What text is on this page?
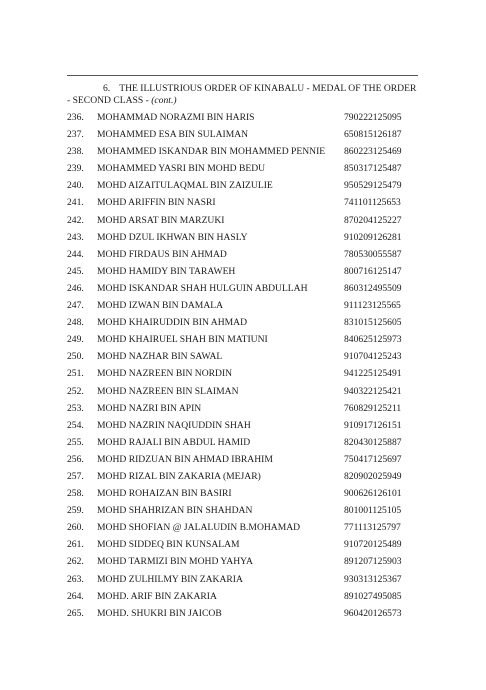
6. THE ILLUSTRIOUS ORDER OF KINABALU - MEDAL OF THE ORDER - SECOND CLASS - (cont.)
236. MOHAMMAD NORAZMI BIN HARIS	790222125095
237. MOHAMMED ESA BIN SULAIMAN	650815126187
238. MOHAMMED ISKANDAR BIN MOHAMMED PENNIE 860223125469
239. MOHAMMED YASRI BIN MOHD BEDU	850317125487
240. MOHD AIZAITULAQMAL BIN ZAIZULIE	950529125479
241. MOHD ARIFFIN BIN NASRI	741101125653
242. MOHD ARSAT BIN MARZUKI	870204125227
243. MOHD DZUL IKHWAN BIN HASLY	910209126281
244. MOHD FIRDAUS BIN AHMAD	780530055587
245. MOHD HAMIDY BIN TARAWEH	800716125147
246. MOHD ISKANDAR SHAH HULGUIN ABDULLAH	860312495509
247. MOHD IZWAN BIN DAMALA	911123125565
248. MOHD KHAIRUDDIN BIN AHMAD	831015125605
249. MOHD KHAIRUEL SHAH BIN MATIUNI	840625125973
250. MOHD NAZHAR BIN SAWAL	910704125243
251. MOHD NAZREEN BIN NORDIN	941225125491
252. MOHD NAZREEN BIN SLAIMAN	940322125421
253. MOHD NAZRI BIN APIN	760829125211
254. MOHD NAZRIN NAQIUDDIN SHAH	910917126151
255. MOHD RAJALI BIN ABDUL HAMID	820430125887
256. MOHD RIDZUAN BIN AHMAD IBRAHIM	750417125697
257. MOHD RIZAL BIN ZAKARIA (MEJAR)	820902025949
258. MOHD ROHAIZAN BIN BASIRI	900626126101
259. MOHD SHAHRIZAN BIN SHAHDAN	801001125105
260. MOHD SHOFIAN @ JALALUDIN B.MOHAMAD	771113125797
261. MOHD SIDDEQ BIN KUNSALAM	910720125489
262. MOHD TARMIZI BIN MOHD YAHYA	891207125903
263. MOHD ZULHILMY BIN ZAKARIA	930313125367
264. MOHD. ARIF BIN ZAKARIA	891027495085
265. MOHD. SHUKRI BIN JAICOB	960420126573
